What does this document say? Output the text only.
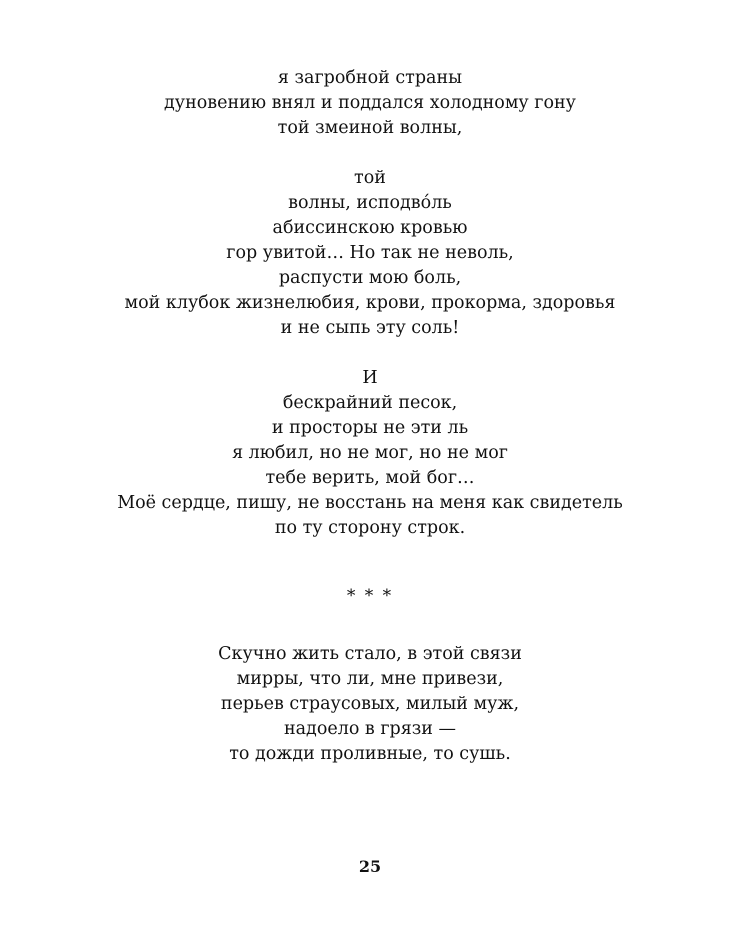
я загробной страны
дуновению внял и поддался холодному гону
той змеиной волны,

той
волны, исподво́ль
абиссинскою кровью
гор увитой… Но так не неволь,
распусти мою боль,
мой клубок жизнелюбия, крови, прокорма, здоровья
и не сыпь эту соль!

И
бескрайний песок,
и просторы не эти ль
я любил, но не мог, но не мог
тебе верить, мой бог…
Моё сердце, пишу, не восстань на меня как свидетель
по ту сторону строк.

* * *

Скучно жить стало, в этой связи
мирры, что ли, мне привези,
перьев страусовых, милый муж,
надоело в грязи —
то дожди проливные, то сушь.

25
